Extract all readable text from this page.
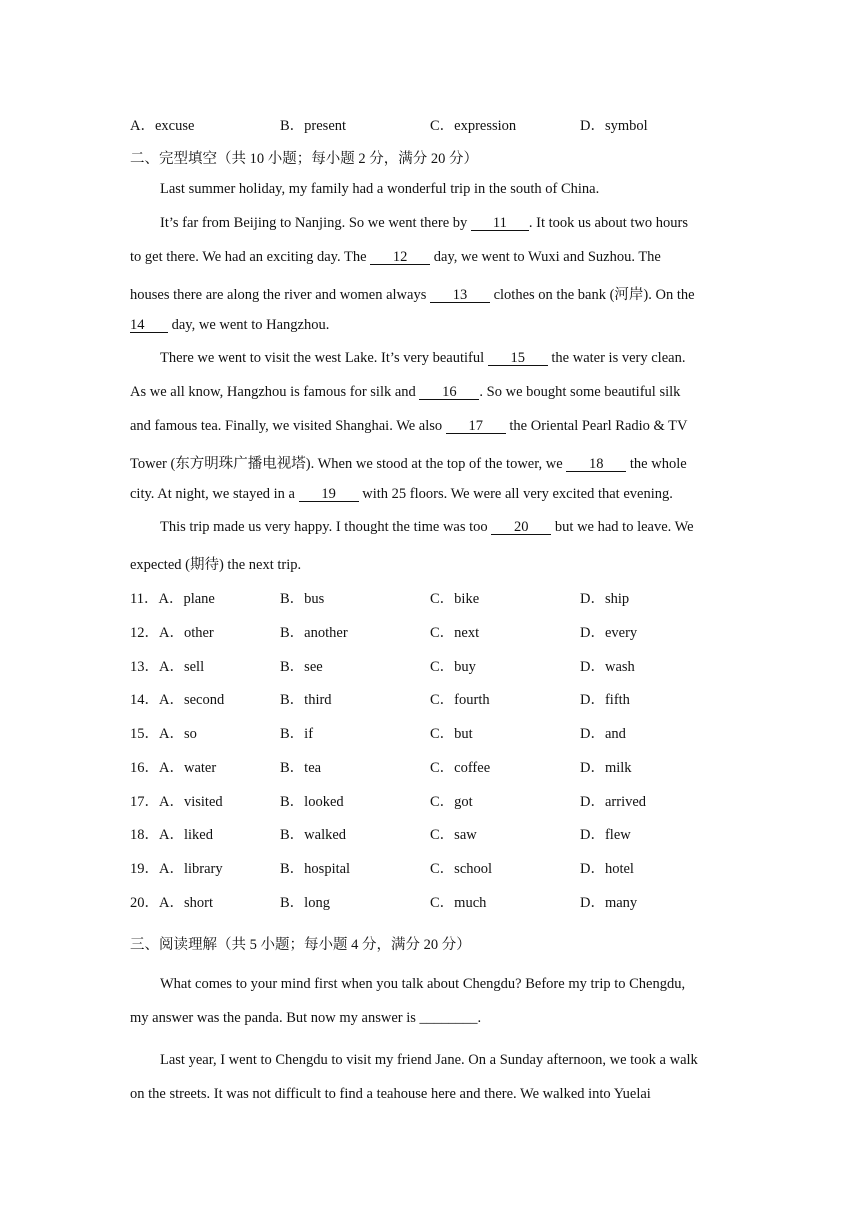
A．excuse	B．present	C．expression	D．symbol
二、完型填空（共 10 小题；每小题 2 分，满分 20 分）
Last summer holiday, my family had a wonderful trip in the south of China.
It’s far from Beijing to Nanjing. So we went there by 11 . It took us about two hours
to get there. We had an exciting day. The 12 day, we went to Wuxi and Suzhou. The
houses there are along the river and women always 13 clothes on the bank (河岸). On the
14 day, we went to Hangzhou.
There we went to visit the west Lake. It’s very beautiful 15 the water is very clean.
As we all know, Hangzhou is famous for silk and 16 . So we bought some beautiful silk
and famous tea. Finally, we visited Shanghai. We also 17 the Oriental Pearl Radio & TV
Tower (东方明珠广播电视塔). When we stood at the top of the tower, we 18 the whole
city. At night, we stayed in a 19 with 25 floors. We were all very excited that evening.
This trip made us very happy. I thought the time was too 20 but we had to leave. We
expected (期待) the next trip.
11．A．plane	B．bus	C．bike	D．ship
12．A．other	B．another	C．next	D．every
13．A．sell	B．see	C．buy	D．wash
14．A．second	B．third	C．fourth	D．fifth
15．A．so	B．if	C．but	D．and
16．A．water	B．tea	C．coffee	D．milk
17．A．visited	B．looked	C．got	D．arrived
18．A．liked	B．walked	C．saw	D．flew
19．A．library	B．hospital	C．school	D．hotel
20．A．short	B．long	C．much	D．many
三、阅读理解（共 5 小题；每小题 4 分，满分 20 分）
What comes to your mind first when you talk about Chengdu? Before my trip to Chengdu,
my answer was the panda. But now my answer is ________.
Last year, I went to Chengdu to visit my friend Jane. On a Sunday afternoon, we took a walk
on the streets. It was not difficult to find a teahouse here and there. We walked into Yuelai
